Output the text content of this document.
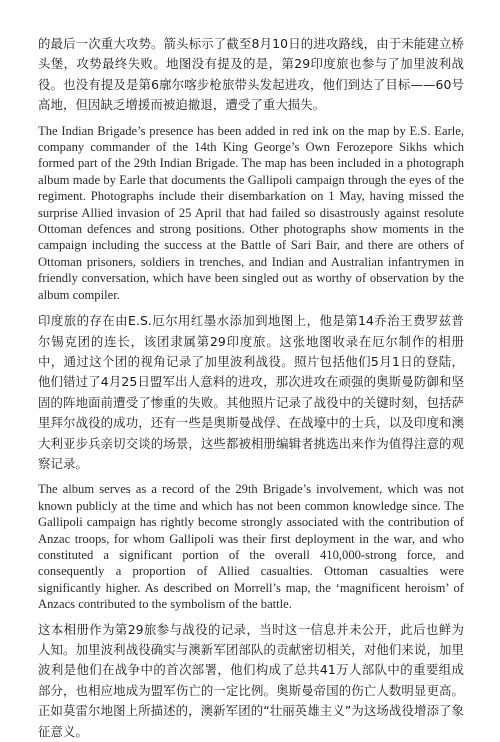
的最后一次重大攻势。箭头标示了截至8月10日的进攻路线，由于未能建立桥头堡，攻势最终失败。地图没有提及的是，第29印度旅也参与了加里波利战役。也没有提及是第6廓尔喀步枪旅带头发起进攻，他们到达了目标——60号高地，但因缺乏增援而被迫撤退，遭受了重大损失。

The Indian Brigade’s presence has been added in red ink on the map by E.S. Earle, company commander of the 14th King George’s Own Ferozepore Sikhs which formed part of the 29th Indian Brigade. The map has been included in a photograph album made by Earle that documents the Gallipoli campaign through the eyes of the regiment. Photographs include their disembarkation on 1 May, having missed the surprise Allied invasion of 25 April that had failed so disastrously against resolute Ottoman defences and strong positions. Other photographs show moments in the campaign including the success at the Battle of Sari Bair, and there are others of Ottoman prisoners, soldiers in trenches, and Indian and Australian infantrymen in friendly conversation, which have been singled out as worthy of observation by the album compiler.

印度旅的存在由E.S.厄尔用红墨水添加到地图上，他是第14乔治王费罗兹普尔锡克团的连长，该团隶属第29印度旅。这张地图收录在厄尔制作的相册中，通过这个团的视角记录了加里波利战役。照片包括他们5月1日的登陆，他们错过了4月25日盟军出人意料的进攻，那次进攻在顽强的奥斯曼防御和坚固的阵地面前遭受了惨重的失败。其他照片记录了战役中的关键时刻，包括萨里拜尔战役的成功，还有一些是奥斯曼战俘、在战壕中的士兵，以及印度和澳大利亚步兵亲切交谈的场景，这些都被相册编辑者挑选出来作为值得注意的观察记录。

The album serves as a record of the 29th Brigade’s involvement, which was not known publicly at the time and which has not been common knowledge since. The Gallipoli campaign has rightly become strongly associated with the contribution of Anzac troops, for whom Gallipoli was their first deployment in the war, and who constituted a significant portion of the overall 410,000-strong force, and consequently a proportion of Allied casualties. Ottoman casualties were significantly higher. As described on Morrell’s map, the ‘magnificent heroism’ of Anzacs contributed to the symbolism of the battle.

这本相册作为第29旅参与战役的记录，当时这一信息并未公开，此后也鲜为人知。加里波利战役确实与澳新军团部队的贡献密切相关，对他们来说，加里波利是他们在战争中的首次部署，他们构成了总共41万人部队中的重要组成部分，也相应地成为盟军伤亡的一定比例。奥斯曼帝国的伤亡人数明显更高。正如莫雷尔地图上所描述的，澳新军团的“壮丽英雄主义”为这场战役增添了象征意义。
